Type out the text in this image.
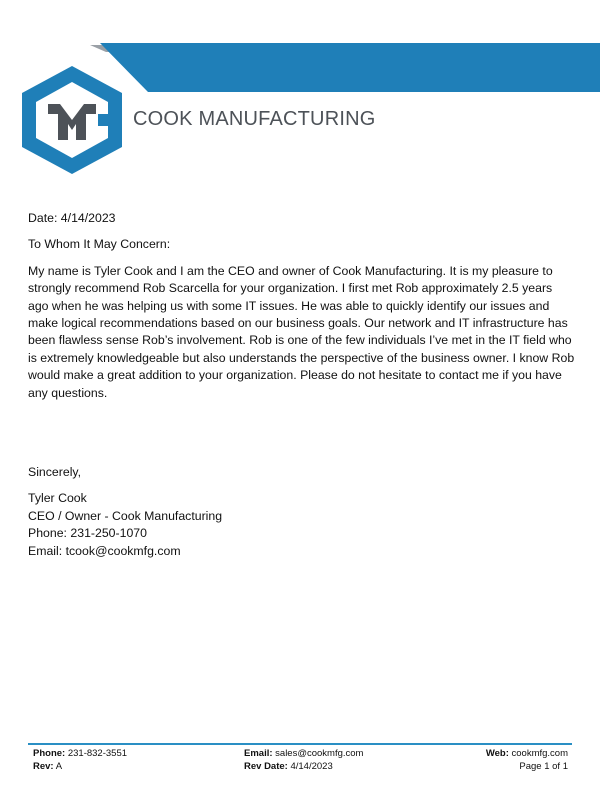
COOK MANUFACTURING

Date: 4/14/2023

To Whom It May Concern:

My name is Tyler Cook and I am the CEO and owner of Cook Manufacturing. It is my pleasure to strongly recommend Rob Scarcella for your organization. I first met Rob approximately 2.5 years ago when he was helping us with some IT issues. He was able to quickly identify our issues and make logical recommendations based on our business goals. Our network and IT infrastructure has been flawless sense Rob’s involvement. Rob is one of the few individuals I’ve met in the IT field who is extremely knowledgeable but also understands the perspective of the business owner. I know Rob would make a great addition to your organization. Please do not hesitate to contact me if you have any questions.

Sincerely,

Tyler Cook

CEO / Owner - Cook Manufacturing

Phone: 231-250-1070

Email: tcook@cookmfg.com

Phone: 231-832-3551
Rev: A
Email: sales@cookmfg.com
Rev Date: 4/14/2023
Web: cookmfg.com
Page 1 of 1
